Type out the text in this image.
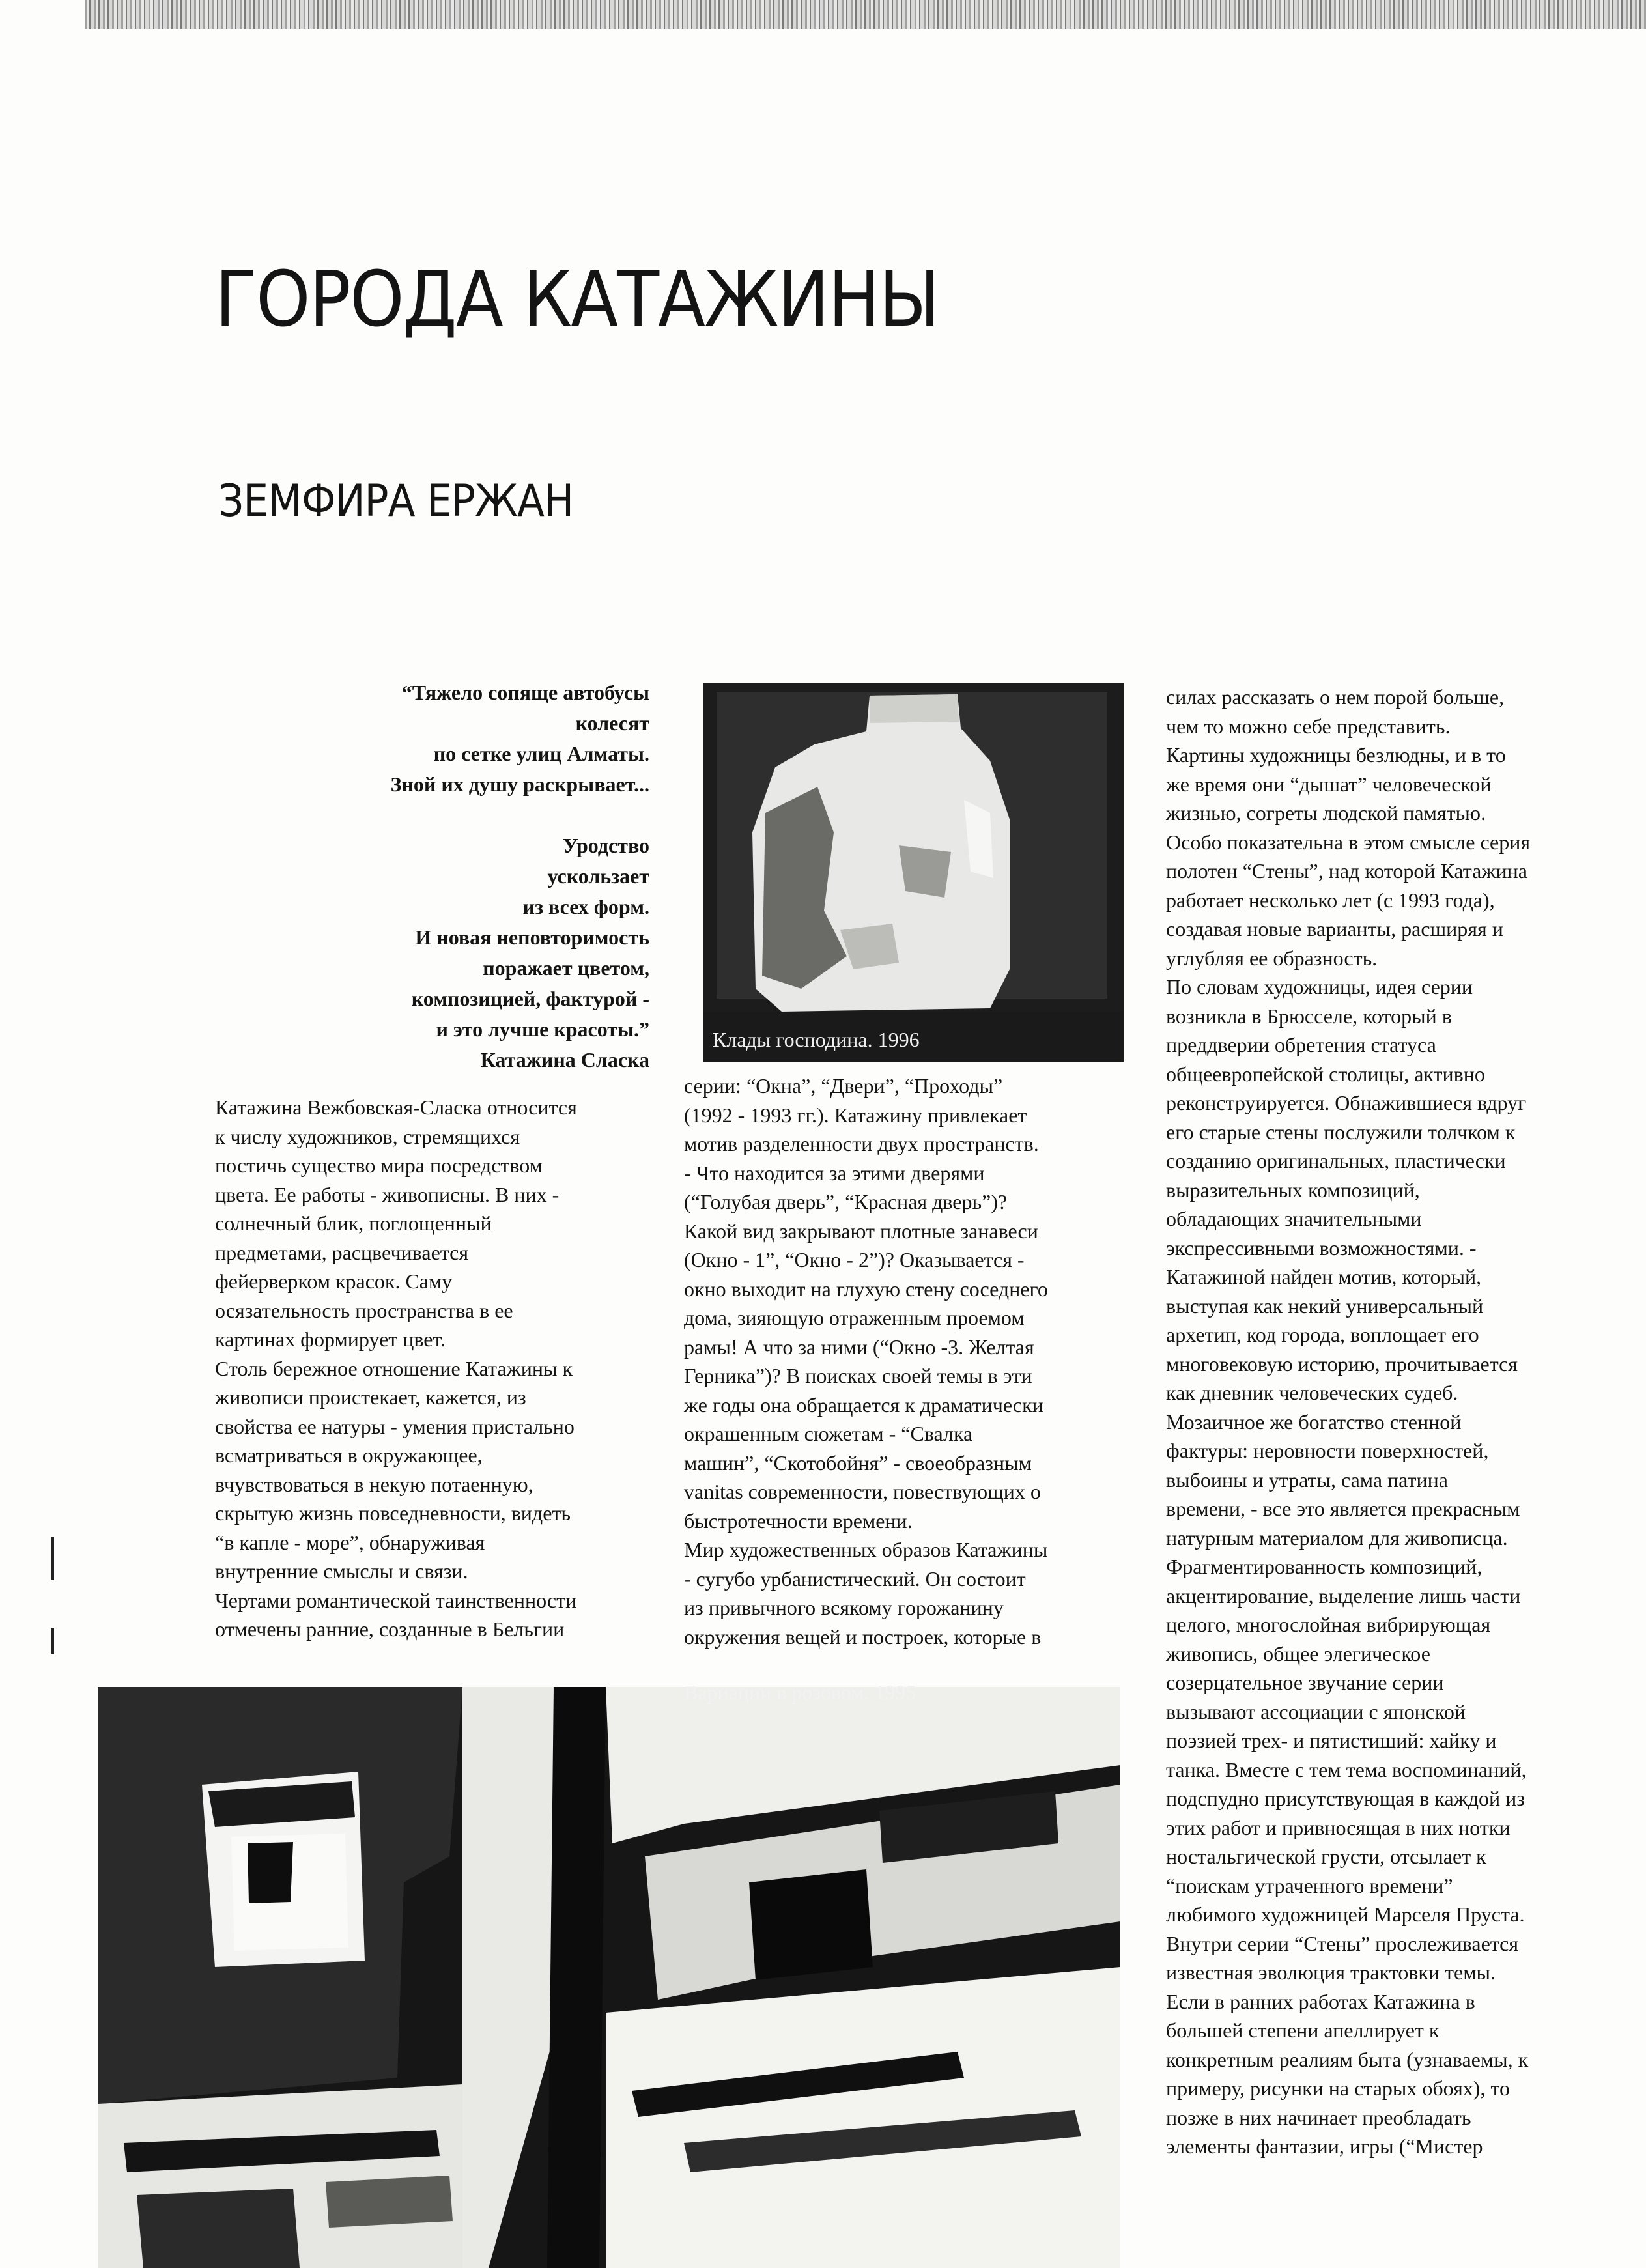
ГОРОДА КАТАЖИНЫ
ЗЕМФИРА ЕРЖАН
“Тяжело сопяще автобусы
колесят
по сетке улиц Алматы.
Зной их душу раскрывает...
Уродство
ускользает
из всех форм.
И новая неповторимость
поражает цветом,
композицией, фактурой -
и это лучше красоты.”
Катажина Сласка
Клады господина. 1996
Катажина Вежбовская-Сласка относится
к числу художников, стремящихся
постичь существо мира посредством
цвета. Ее работы - живописны. В них -
солнечный блик, поглощенный
предметами, расцвечивается
фейерверком красок. Саму
осязательность пространства в ее
картинах формирует цвет.
Столь бережное отношение Катажины к
живописи проистекает, кажется, из
свойства ее натуры - умения пристально
всматриваться в окружающее,
вчувствоваться в некую потаенную,
скрытую жизнь повседневности, видеть
“в капле - море”, обнаруживая
внутренние смыслы и связи.
Чертами романтической таинственности
отмечены ранние, созданные в Бельгии
серии: “Окна”, “Двери”, “Проходы”
(1992 - 1993 гг.). Катажину привлекает
мотив разделенности двух пространств.
- Что находится за этими дверями
(“Голубая дверь”, “Красная дверь”)?
Какой вид закрывают плотные занавеси
(Окно - 1”, “Окно - 2”)? Оказывается -
окно выходит на глухую стену соседнего
дома, зияющую отраженным проемом
рамы! А что за ними (“Окно -3. Желтая
Герника”)? В поисках своей темы в эти
же годы она обращается к драматически
окрашенным сюжетам - “Свалка
машин”, “Скотобойня” - своеобразным
vanitas современности, повествующих о
быстротечности времени.
Мир художественных образов Катажины
- сугубо урбанистический. Он состоит
из привычного всякому горожанину
окружения вещей и построек, которые в
силах рассказать о нем порой больше,
чем то можно себе представить.
Картины художницы безлюдны, и в то
же время они “дышат” человеческой
жизнью, согреты людской памятью.
Особо показательна в этом смысле серия
полотен “Стены”, над которой Катажина
работает несколько лет (с 1993 года),
создавая новые варианты, расширяя и
углубляя ее образность.
По словам художницы, идея серии
возникла в Брюсселе, который в
преддверии обретения статуса
общеевропейской столицы, активно
реконструируется. Обнажившиеся вдруг
его старые стены послужили толчком к
созданию оригинальных, пластически
выразительных композиций,
обладающих значительными
экспрессивными возможностями. -
Катажиной найден мотив, который,
выступая как некий универсальный
архетип, код города, воплощает его
многовековую историю, прочитывается
как дневник человеческих судеб.
Мозаичное же богатство стенной
фактуры: неровности поверхностей,
выбоины и утраты, сама патина
времени, - все это является прекрасным
натурным материалом для живописца.
Фрагментированность композиций,
акцентирование, выделение лишь части
целого, многослойная вибрирующая
живопись, общее элегическое
созерцательное звучание серии
вызывают ассоциации с японской
поэзией трех- и пятистиший: хайку и
танка. Вместе с тем тема воспоминаний,
подспудно присутствующая в каждой из
этих работ и привносящая в них нотки
ностальгической грусти, отсылает к
“поискам утраченного времени”
любимого художницей Марселя Пруста.
Внутри серии “Стены” прослеживается
известная эволюция трактовки темы.
Если в ранних работах Катажина в
большей степени апеллирует к
конкретным реалиям быта (узнаваемы, к
примеру, рисунки на старых обоях), то
позже в них начинает преобладать
элементы фантазии, игры (“Мистер
Вариации в розовом. 1995
